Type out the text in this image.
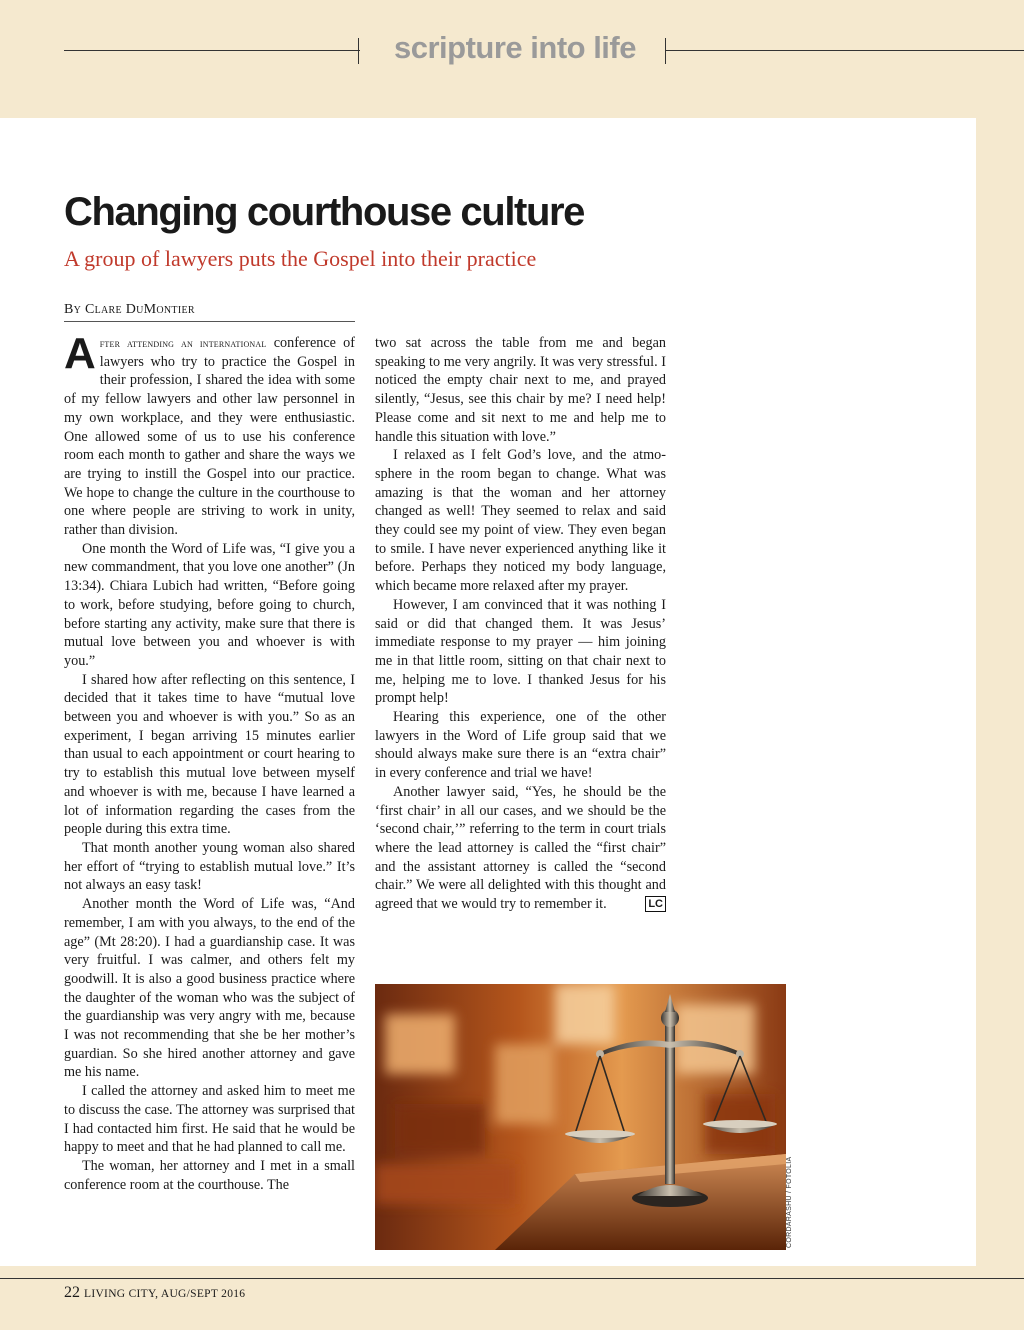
scripture into life
Changing courthouse culture
A group of lawyers puts the Gospel into their practice
By Clare DuMontier

After attending an international conference of lawyers who try to practice the Gospel in their profession, I shared the idea with some of my fellow lawyers and other law personnel in my own workplace, and they were enthusiastic. One allowed some of us to use his conference room each month to gather and share the ways we are trying to instill the Gospel into our practice. We hope to change the culture in the courthouse to one where people are striving to work in unity, rather than division.

One month the Word of Life was, “I give you a new commandment, that you love one another” (Jn 13:34). Chiara Lubich had written, “Before going to work, before studying, before going to church, before starting any activity, make sure that there is mutual love between you and whoever is with you.”

I shared how after reflecting on this sentence, I decided that it takes time to have “mutual love between you and whoever is with you.” So as an experiment, I began arriving 15 minutes earlier than usual to each appointment or court hearing to try to establish this mutual love between myself and whoever is with me, because I have learned a lot of information regarding the cases from the people during this extra time.

That month another young woman also shared her effort of “trying to establish mutual love.” It’s not always an easy task!

Another month the Word of Life was, “And remember, I am with you always, to the end of the age” (Mt 28:20). I had a guardianship case. It was very fruitful. I was calmer, and others felt my goodwill. It is also a good business practice where the daughter of the woman who was the subject of the guardianship was very angry with me, because I was not recommending that she be her mother’s guardian. So she hired another attorney and gave me his name.

I called the attorney and asked him to meet me to discuss the case. The attorney was surprised that I had contacted him first. He said that he would be happy to meet and that he had planned to call me.

The woman, her attorney and I met in a small conference room at the courthouse. The

two sat across the table from me and began speaking to me very angrily. It was very stressful. I noticed the empty chair next to me, and prayed silently, “Jesus, see this chair by me? I need help! Please come and sit next to me and help me to handle this situation with love.”

I relaxed as I felt God’s love, and the atmosphere in the room began to change. What was amazing is that the woman and her attorney changed as well! They seemed to relax and said they could see my point of view. They even began to smile. I have never experienced anything like it before. Perhaps they noticed my body language, which became more relaxed after my prayer.

However, I am convinced that it was nothing I said or did that changed them. It was Jesus’ immediate response to my prayer — him joining me in that little room, sitting on that chair next to me, helping me to love. I thanked Jesus for his prompt help!

Hearing this experience, one of the other lawyers in the Word of Life group said that we should always make sure there is an “extra chair” in every conference and trial we have!

Another lawyer said, “Yes, he should be the ‘first chair’ in all our cases, and we should be the ‘second chair,’” referring to the term in court trials where the lead attorney is called the “first chair” and the assistant attorney is called the “second chair.” We were all delighted with this thought and agreed that we would try to remember it.	LC

CORDARASHU / FOTOLIA
22 LIVING CITY, AUG/SEPT 2016
